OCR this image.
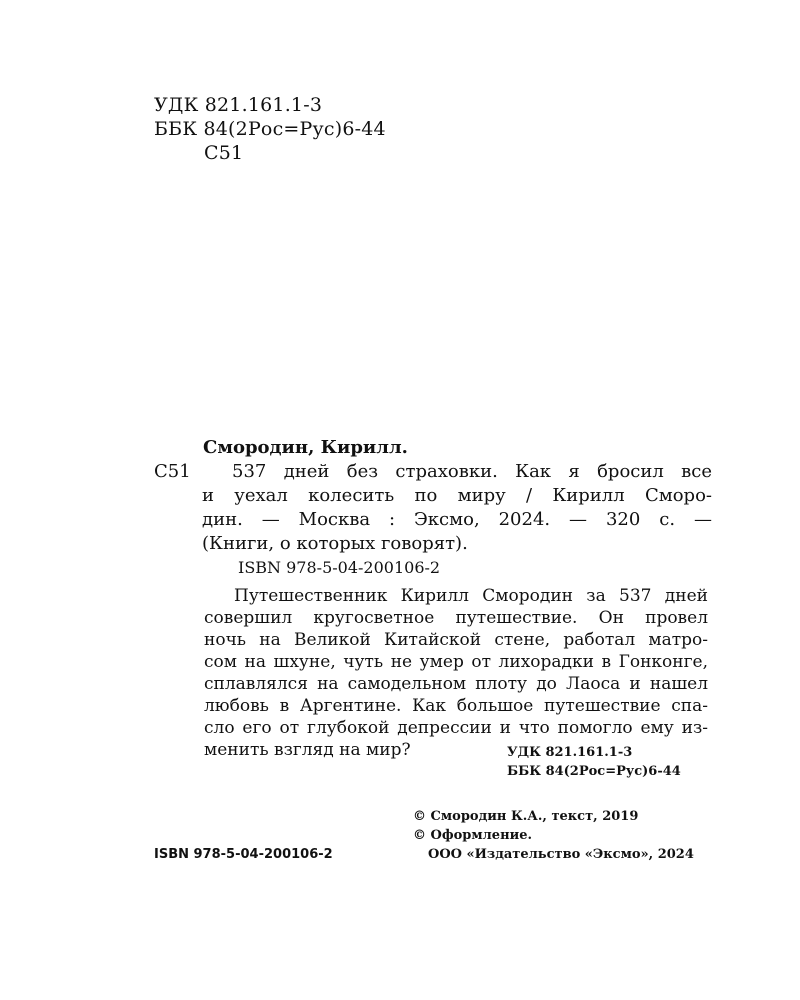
УДК 821.161.1-3
ББК 84(2Рос=Рус)6-44
С51
Смородин, Кирилл.
С51 537 дней без страховки. Как я бросил все
и уехал колесить по миру / Кирилл Сморо-
дин. — Москва : Эксмо, 2024. — 320 с. —
(Книги, о которых говорят).
ISBN 978-5-04-200106-2
Путешественник Кирилл Смородин за 537 дней
совершил кругосветное путешествие. Он провел
ночь на Великой Китайской стене, работал матро-
сом на шхуне, чуть не умер от лихорадки в Гонконге,
сплавлялся на самодельном плоту до Лаоса и нашел
любовь в Аргентине. Как большое путешествие спа-
сло его от глубокой депрессии и что помогло ему из-
менить взгляд на мир?	УДК 821.161.1-3
ББК 84(2Рос=Рус)6-44
© Смородин К.А., текст, 2019
© Оформление.
ООО «Издательство «Эксмо», 2024
ISBN 978-5-04-200106-2
